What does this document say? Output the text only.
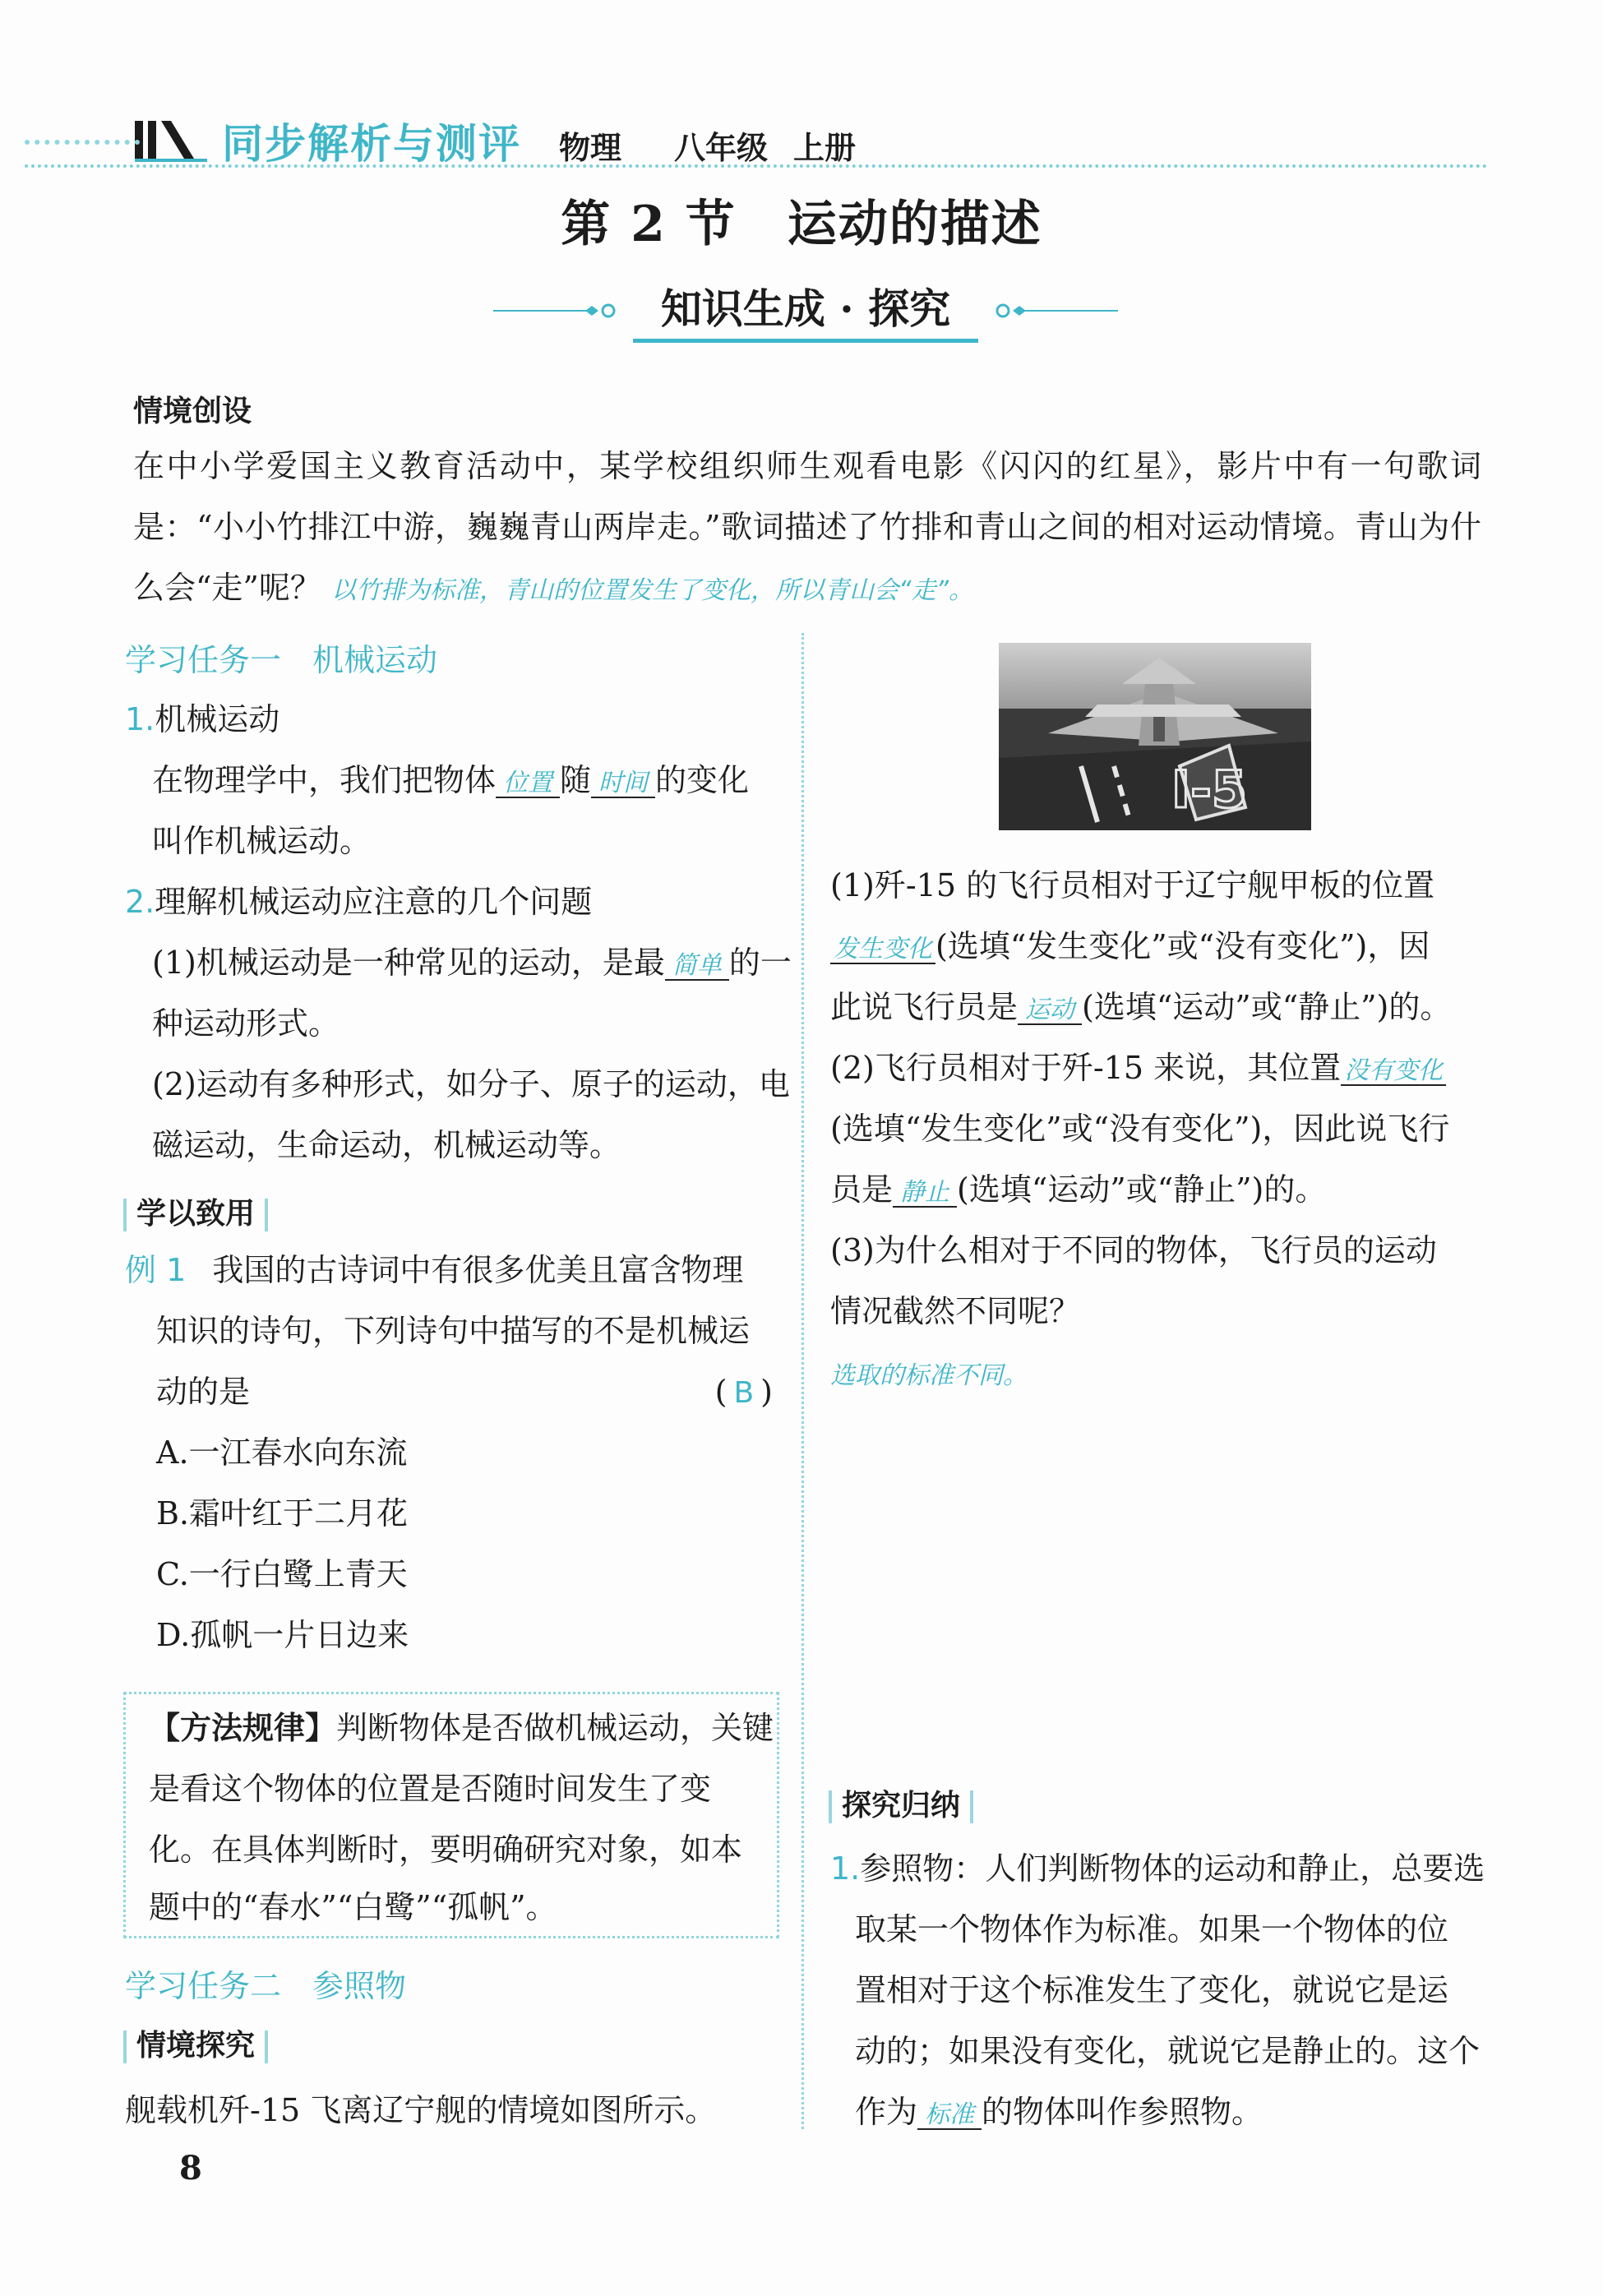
同步解析与测评 物理 八年级 上册
第 2 节　运动的描述
知识生成 · 探究
情境创设
在中小学爱国主义教育活动中，某学校组织师生观看电影《闪闪的红星》，影片中有一句歌词是：“小小竹排江中游，巍巍青山两岸走。”歌词描述了竹排和青山之间的相对运动情境。青山为什么会“走”呢？ 以竹排为标准，青山的位置发生了变化，所以青山会“走”。
学习任务一　机械运动
1.机械运动
在物理学中，我们把物体 位置 随 时间 的变化
叫作机械运动。
2.理解机械运动应注意的几个问题
(1)机械运动是一种常见的运动，是最 简单 的一
种运动形式。
(2)运动有多种形式，如分子、原子的运动，电
磁运动，生命运动，机械运动等。
学以致用
例 1 我国的古诗词中有很多优美且富含物理
知识的诗句，下列诗句中描写的不是机械运
动的是	( B )
A.一江春水向东流
B.霜叶红于二月花
C.一行白鹭上青天
D.孤帆一片日边来
【方法规律】判断物体是否做机械运动，关键
是看这个物体的位置是否随时间发生了变
化。在具体判断时，要明确研究对象，如本
题中的“春水”“白鹭”“孤帆”。
学习任务二　参照物
情境探究
舰载机歼-15 飞离辽宁舰的情境如图所示。
I-5
(1)歼-15 的飞行员相对于辽宁舰甲板的位置
发生变化 (选填“发生变化”或“没有变化”)，因
此说飞行员是 运动 (选填“运动”或“静止”)的。
(2)飞行员相对于歼-15 来说，其位置 没有变化
(选填“发生变化”或“没有变化”)，因此说飞行
员是 静止 (选填“运动”或“静止”)的。
(3)为什么相对于不同的物体，飞行员的运动
情况截然不同呢？
选取的标准不同。
探究归纳
1.参照物：人们判断物体的运动和静止，总要选
取某一个物体作为标准。如果一个物体的位
置相对于这个标准发生了变化，就说它是运
动的；如果没有变化，就说它是静止的。这个
作为 标准 的物体叫作参照物。
8
